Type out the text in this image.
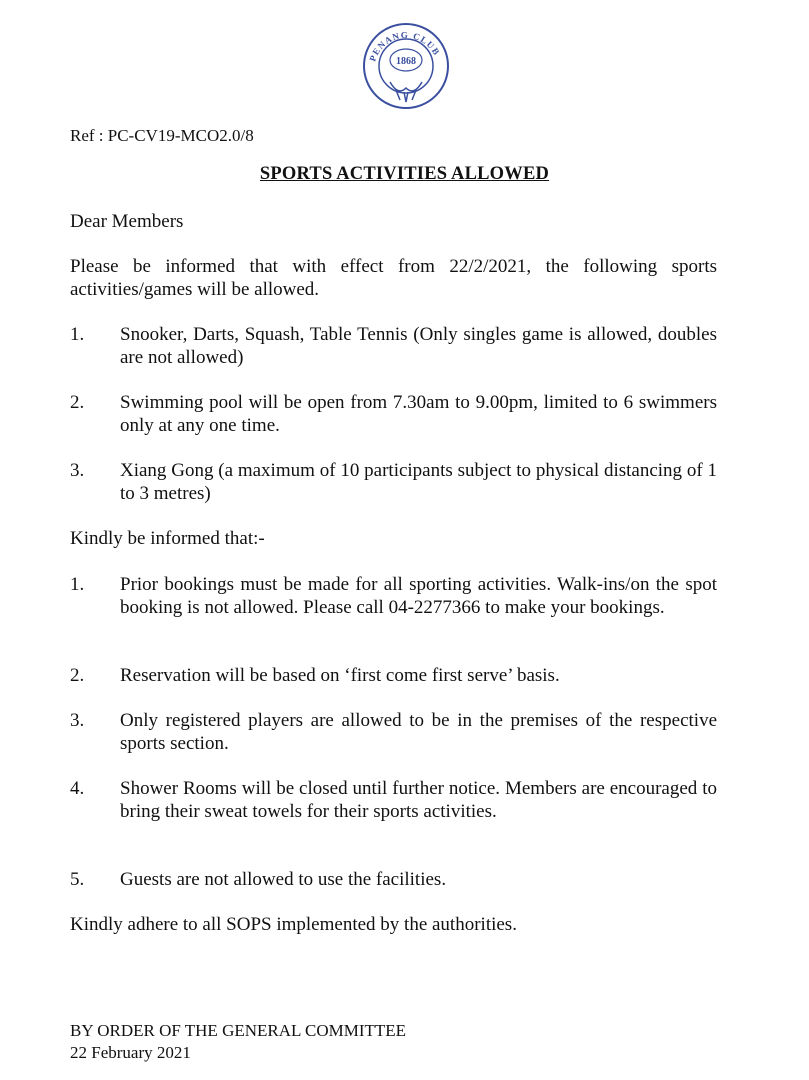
PENANG CLUB
1868
Ref : PC-CV19-MCO2.0/8
SPORTS ACTIVITIES ALLOWED
Dear Members
Please be informed that with effect from 22/2/2021, the following sports activities/games will be allowed.
1.	Snooker, Darts, Squash, Table Tennis (Only singles game is allowed, doubles are not allowed)
2.	Swimming pool will be open from 7.30am to 9.00pm, limited to 6 swimmers only at any one time.
3.	Xiang Gong (a maximum of 10 participants subject to physical distancing of 1 to 3 metres)
Kindly be informed that:-
1.	Prior bookings must be made for all sporting activities. Walk-ins/on the spot booking is not allowed. Please call 04-2277366 to make your bookings.
2.	Reservation will be based on ‘first come first serve’ basis.
3.	Only registered players are allowed to be in the premises of the respective sports section.
4.	Shower Rooms will be closed until further notice. Members are encouraged to bring their sweat towels for their sports activities.
5.	Guests are not allowed to use the facilities.
Kindly adhere to all SOPS implemented by the authorities.
BY ORDER OF THE GENERAL COMMITTEE
22 February 2021
